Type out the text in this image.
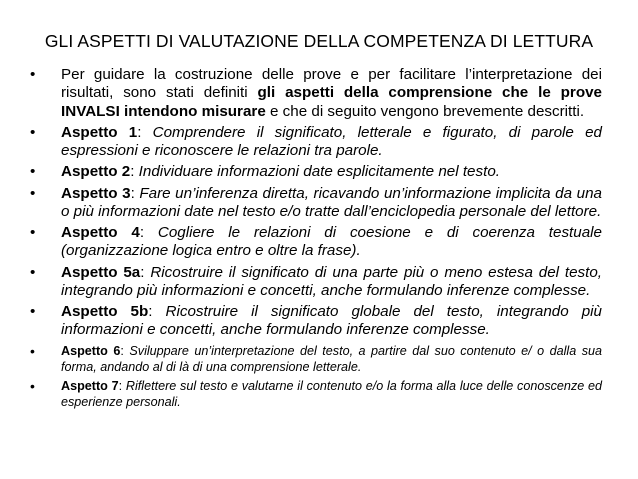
GLI ASPETTI DI VALUTAZIONE DELLA COMPETENZA DI LETTURA
• Per guidare la costruzione delle prove e per facilitare l’interpretazione dei risultati, sono stati definiti gli aspetti della comprensione che le prove INVALSI intendono misurare e che di seguito vengono brevemente descritti.
• Aspetto 1: Comprendere il significato, letterale e figurato, di parole ed espressioni e riconoscere le relazioni tra parole.
• Aspetto 2: Individuare informazioni date esplicitamente nel testo.
• Aspetto 3: Fare un’inferenza diretta, ricavando un’informazione implicita da una o più informazioni date nel testo e/o tratte dall’enciclopedia personale del lettore.
• Aspetto 4: Cogliere le relazioni di coesione e di coerenza testuale (organizzazione logica entro e oltre la frase).
• Aspetto 5a: Ricostruire il significato di una parte più o meno estesa del testo, integrando più informazioni e concetti, anche formulando inferenze complesse.
• Aspetto 5b: Ricostruire il significato globale del testo, integrando più informazioni e concetti, anche formulando inferenze complesse.
• Aspetto 6: Sviluppare un’interpretazione del testo, a partire dal suo contenuto e/ o dalla sua forma, andando al di là di una comprensione letterale.
• Aspetto 7: Riflettere sul testo e valutarne il contenuto e/o la forma alla luce delle conoscenze ed esperienze personali.
